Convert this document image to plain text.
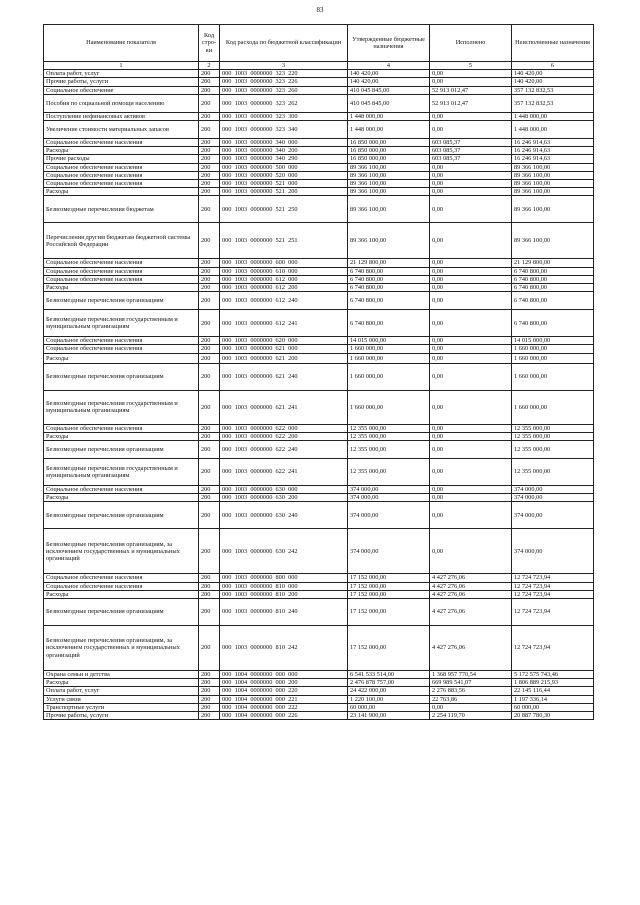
83
Наименование показателя	Код стро-ки	Код расхода по бюджетной классификации	Утвержденные бюджетные назначения	Исполнено	Неисполненные назначения
1	2	3	4	5	6
Оплата работ, услуг	200	000  1003  0000000  323  220	140 420,00	0,00	140 420,00
Прочие работы, услуги	200	000  1003  0000000  323  226	140 420,00	0,00	140 420,00
Социальное обеспечение	200	000  1003  0000000  323  260	410 045 845,00	52 913 012,47	357 132 832,53
Пособия по социальной помощи населению	200	000  1003  0000000  323  262	410 045 845,00	52 913 012,47	357 132 832,53
Поступление нефинансовых активов	200	000  1003  0000000  323  300	1 448 000,00	0,00	1 448 000,00
Увеличение стоимости материальных запасов	200	000  1003  0000000  323  340	1 448 000,00	0,00	1 448 000,00
Социальное обеспечение населения	200	000  1003  0000000  340  000	16 850 000,00	603 085,37	16 246 914,63
Расходы	200	000  1003  0000000  340  200	16 850 000,00	603 085,37	16 246 914,63
Прочие расходы	200	000  1003  0000000  340  290	16 850 000,00	603 085,37	16 246 914,63
Социальное обеспечение населения	200	000  1003  0000000  500  000	89 366 100,00	0,00	89 366 100,00
Социальное обеспечение населения	200	000  1003  0000000  520  000	89 366 100,00	0,00	89 366 100,00
Социальное обеспечение населения	200	000  1003  0000000  521  000	89 366 100,00	0,00	89 366 100,00
Расходы	200	000  1003  0000000  521  200	89 366 100,00	0,00	89 366 100,00
Безвозмездные перечисления бюджетам	200	000  1003  0000000  521  250	89 366 100,00	0,00	89 366 100,00
Перечисления другим бюджетам бюджетной системы Российской Федерации	200	000  1003  0000000  521  251	89 366 100,00	0,00	89 366 100,00
Социальное обеспечение населения	200	000  1003  0000000  600  000	21 129 800,00	0,00	21 129 800,00
Социальное обеспечение населения	200	000  1003  0000000  610  000	6 740 800,00	0,00	6 740 800,00
Социальное обеспечение населения	200	000  1003  0000000  612  000	6 740 800,00	0,00	6 740 800,00
Расходы	200	000  1003  0000000  612  200	6 740 800,00	0,00	6 740 800,00
Безвозмездные перечисления организациям	200	000  1003  0000000  612  240	6 740 800,00	0,00	6 740 800,00
Безвозмездные перечисления государственным и муниципальным организациям	200	000  1003  0000000  612  241	6 740 800,00	0,00	6 740 800,00
Социальное обеспечение населения	200	000  1003  0000000  620  000	14 015 000,00	0,00	14 015 000,00
Социальное обеспечение населения	200	000  1003  0000000  621  000	1 660 000,00	0,00	1 660 000,00
Расходы	200	000  1003  0000000  621  200	1 660 000,00	0,00	1 660 000,00
Безвозмездные перечисления организациям	200	000  1003  0000000  621  240	1 660 000,00	0,00	1 660 000,00
Безвозмездные перечисления государственным и муниципальным организациям	200	000  1003  0000000  621  241	1 660 000,00	0,00	1 660 000,00
Социальное обеспечение населения	200	000  1003  0000000  622  000	12 355 000,00	0,00	12 355 000,00
Расходы	200	000  1003  0000000  622  200	12 355 000,00	0,00	12 355 000,00
Безвозмездные перечисления организациям	200	000  1003  0000000  622  240	12 355 000,00	0,00	12 355 000,00
Безвозмездные перечисления государственным и муниципальным организациям	200	000  1003  0000000  622  241	12 355 000,00	0,00	12 355 000,00
Социальное обеспечение населения	200	000  1003  0000000  630  000	374 000,00	0,00	374 000,00
Расходы	200	000  1003  0000000  630  200	374 000,00	0,00	374 000,00
Безвозмездные перечисления организациям	200	000  1003  0000000  630  240	374 000,00	0,00	374 000,00
Безвозмездные перечисления организациям, за исключением государственных и муниципальных организаций	200	000  1003  0000000  630  242	374 000,00	0,00	374 000,00
Социальное обеспечение населения	200	000  1003  0000000  800  000	17 152 000,00	4 427 276,06	12 724 723,94
Социальное обеспечение населения	200	000  1003  0000000  810  000	17 152 000,00	4 427 276,06	12 724 723,94
Расходы	200	000  1003  0000000  810  200	17 152 000,00	4 427 276,06	12 724 723,94
Безвозмездные перечисления организациям	200	000  1003  0000000  810  240	17 152 000,00	4 427 276,06	12 724 723,94
Безвозмездные перечисления организациям, за исключением государственных и муниципальных организаций	200	000  1003  0000000  810  242	17 152 000,00	4 427 276,06	12 724 723,94
Охрана семьи и детства	200	000  1004  0000000  000  000	6 541 533 514,00	1 368 957 770,54	5 172 575 743,46
Расходы	200	000  1004  0000000  000  200	2 476 878 757,00	669 989 541,07	1 806 889 215,93
Оплата работ, услуг	200	000  1004  0000000  000  220	24 422 000,00	2 276 883,56	22 145 116,44
Услуги связи	200	000  1004  0000000  000  221	1 220 100,00	22 763,86	1 197 336,14
Транспортные услуги	200	000  1004  0000000  000  222	60 000,00	0,00	60 000,00
Прочие работы, услуги	200	000  1004  0000000  000  226	23 141 900,00	2 254 119,70	20 887 780,30
